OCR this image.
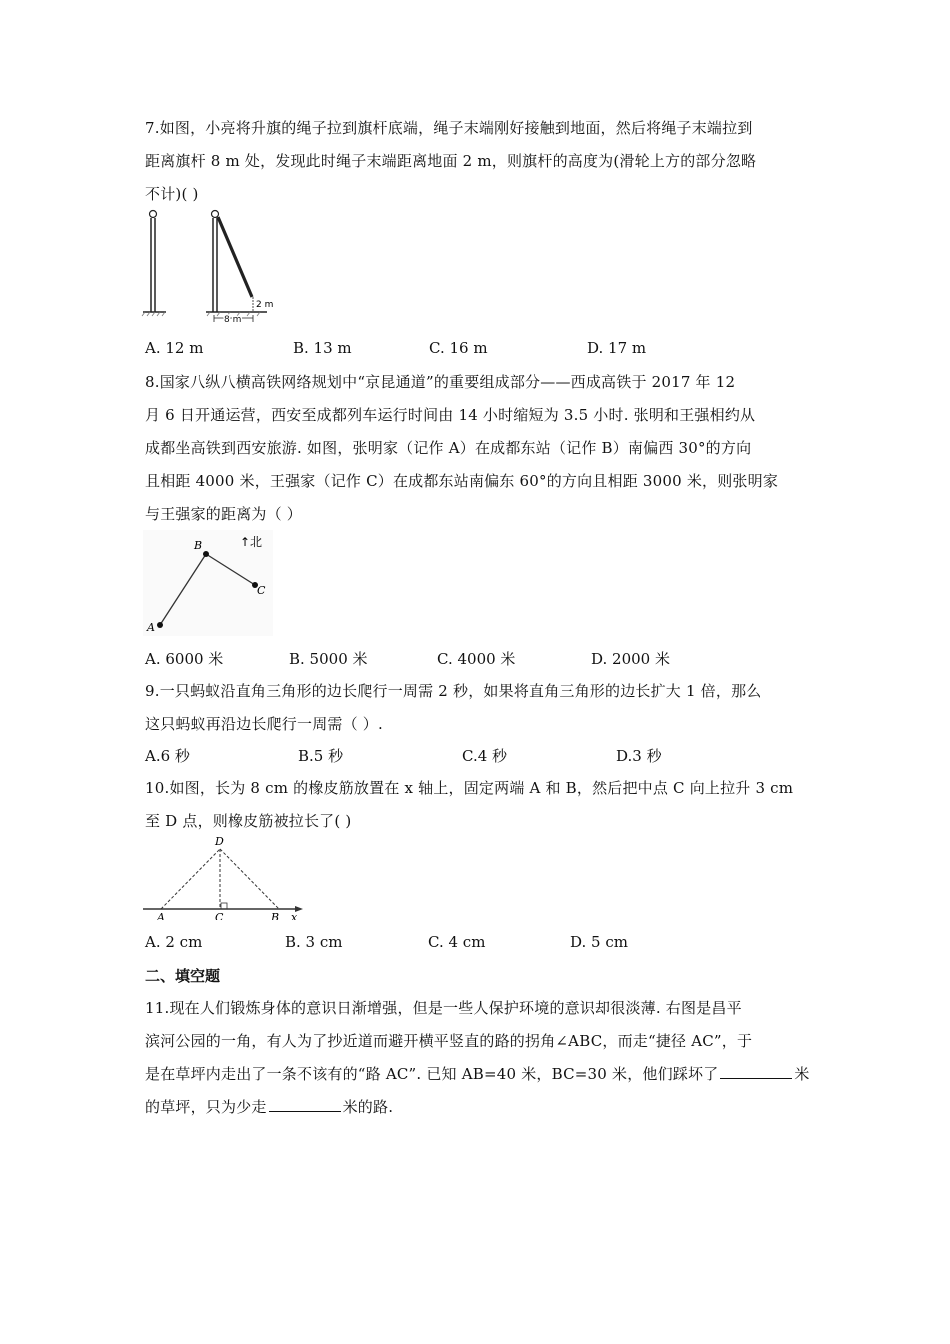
7.如图，小亮将升旗的绳子拉到旗杆底端，绳子末端刚好接触到地面，然后将绳子末端拉到
距离旗杆 8 m 处，发现此时绳子末端距离地面 2 m，则旗杆的高度为(滑轮上方的部分忽略
不计)( )
2 m
8 m
A. 12 m	B. 13 m	C. 16 m	D. 17 m
8.国家八纵八横高铁网络规划中“京昆通道”的重要组成部分——西成高铁于 2017 年 12
月 6 日开通运营，西安至成都列车运行时间由 14 小时缩短为 3.5 小时. 张明和王强相约从
成都坐高铁到西安旅游. 如图，张明家（记作 A）在成都东站（记作 B）南偏西 30°的方向
且相距 4000 米，王强家（记作 C）在成都东站南偏东 60°的方向且相距 3000 米，则张明家
与王强家的距离为（ ）
A
B
C
↑北
A. 6000 米	B. 5000 米	C. 4000 米	D. 2000 米
9.一只蚂蚁沿直角三角形的边长爬行一周需 2 秒，如果将直角三角形的边长扩大 1 倍，那么
这只蚂蚁再沿边长爬行一周需（ ）.
A.6 秒	B.5 秒	C.4 秒	D.3 秒
10.如图，长为 8 cm 的橡皮筋放置在 x 轴上，固定两端 A 和 B，然后把中点 C 向上拉升 3 cm
至 D 点，则橡皮筋被拉长了( )
A	C	B
D
x
A. 2 cm	B. 3 cm	C. 4 cm	D. 5 cm
二、填空题
11.现在人们锻炼身体的意识日渐增强，但是一些人保护环境的意识却很淡薄. 右图是昌平
滨河公园的一角，有人为了抄近道而避开横平竖直的路的拐角∠ABC，而走“捷径 AC”，于
是在草坪内走出了一条不该有的“路 AC”. 已知 AB=40 米，BC=30 米，他们踩坏了	米
的草坪，只为少走	米的路.
